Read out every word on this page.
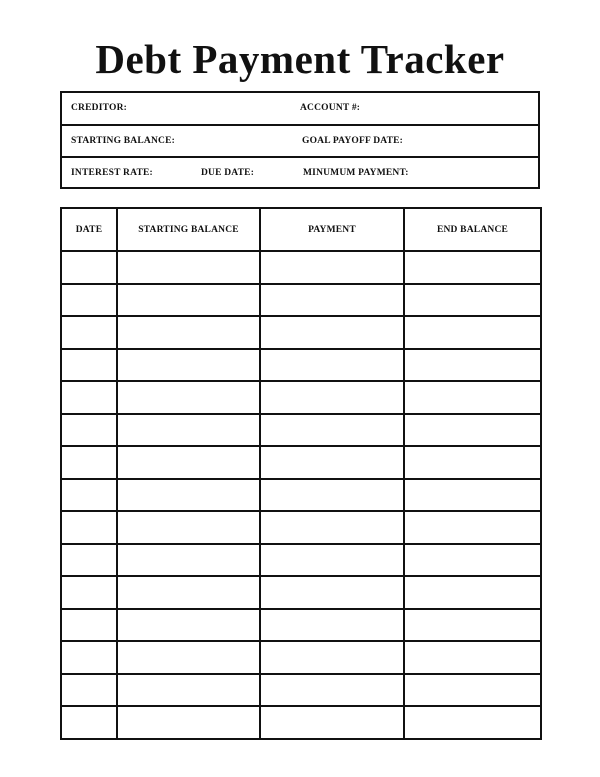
Debt Payment Tracker
CREDITOR:	ACCOUNT #:
STARTING BALANCE:	GOAL PAYOFF DATE:
INTEREST RATE:	DUE DATE:	MINUMUM PAYMENT:
DATE	STARTING BALANCE	PAYMENT	END BALANCE
